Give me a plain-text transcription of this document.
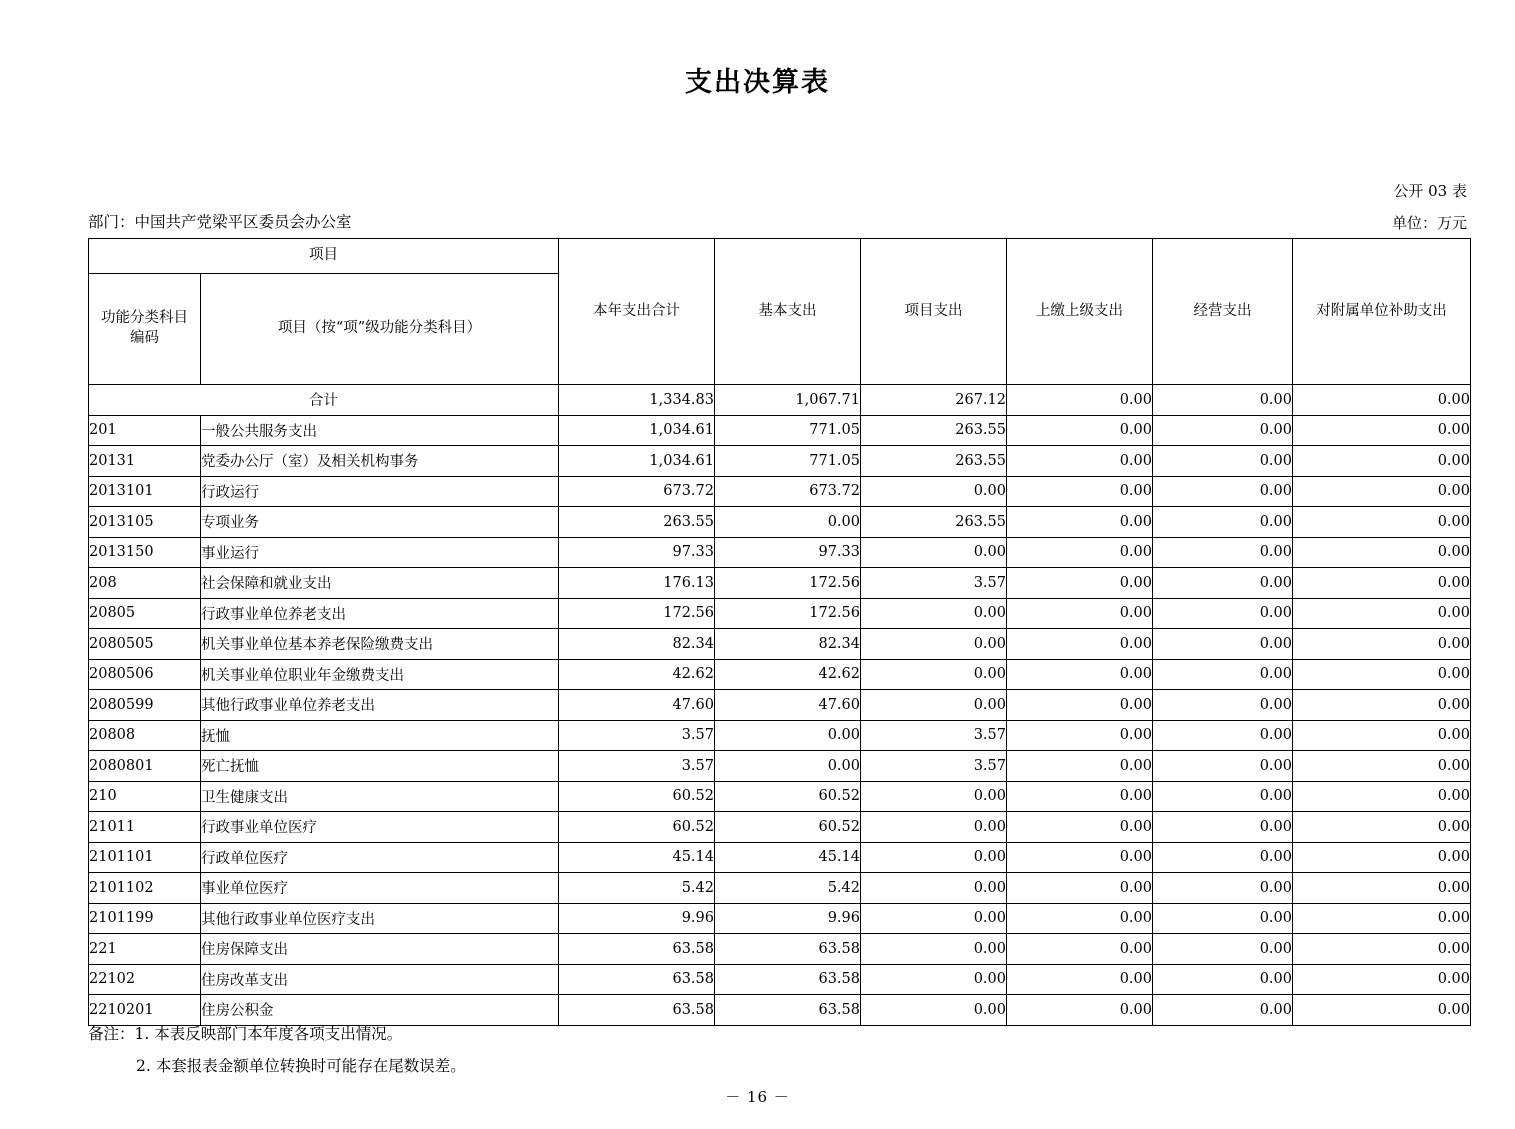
支出决算表
公开 03 表
单位：万元
部门：中国共产党梁平区委员会办公室
项目		本年支出合计	基本支出	项目支出	上缴上级支出	经营支出	对附属单位补助支出

功能分类科目
编码	项目（按“项”级功能分类科目）						
合计		1,334.83	1,067.71	267.12	0.00	0.00	0.00
201	一般公共服务支出	1,034.61	771.05	263.55	0.00	0.00	0.00
20131	党委办公厅（室）及相关机构事务	1,034.61	771.05	263.55	0.00	0.00	0.00
2013101	行政运行	673.72	673.72	0.00	0.00	0.00	0.00
2013105	专项业务	263.55	0.00	263.55	0.00	0.00	0.00
2013150	事业运行	97.33	97.33	0.00	0.00	0.00	0.00
208	社会保障和就业支出	176.13	172.56	3.57	0.00	0.00	0.00
20805	行政事业单位养老支出	172.56	172.56	0.00	0.00	0.00	0.00
2080505	机关事业单位基本养老保险缴费支出	82.34	82.34	0.00	0.00	0.00	0.00
2080506	机关事业单位职业年金缴费支出	42.62	42.62	0.00	0.00	0.00	0.00
2080599	其他行政事业单位养老支出	47.60	47.60	0.00	0.00	0.00	0.00
20808	抚恤	3.57	0.00	3.57	0.00	0.00	0.00
2080801	死亡抚恤	3.57	0.00	3.57	0.00	0.00	0.00
210	卫生健康支出	60.52	60.52	0.00	0.00	0.00	0.00
21011	行政事业单位医疗	60.52	60.52	0.00	0.00	0.00	0.00
2101101	行政单位医疗	45.14	45.14	0.00	0.00	0.00	0.00
2101102	事业单位医疗	5.42	5.42	0.00	0.00	0.00	0.00
2101199	其他行政事业单位医疗支出	9.96	9.96	0.00	0.00	0.00	0.00
221	住房保障支出	63.58	63.58	0.00	0.00	0.00	0.00
22102	住房改革支出	63.58	63.58	0.00	0.00	0.00	0.00
2210201	住房公积金	63.58	63.58	0.00	0.00	0.00	0.00
备注：1. 本表反映部门本年度各项支出情况。
2. 本套报表金额单位转换时可能存在尾数误差。
－ 16 －
